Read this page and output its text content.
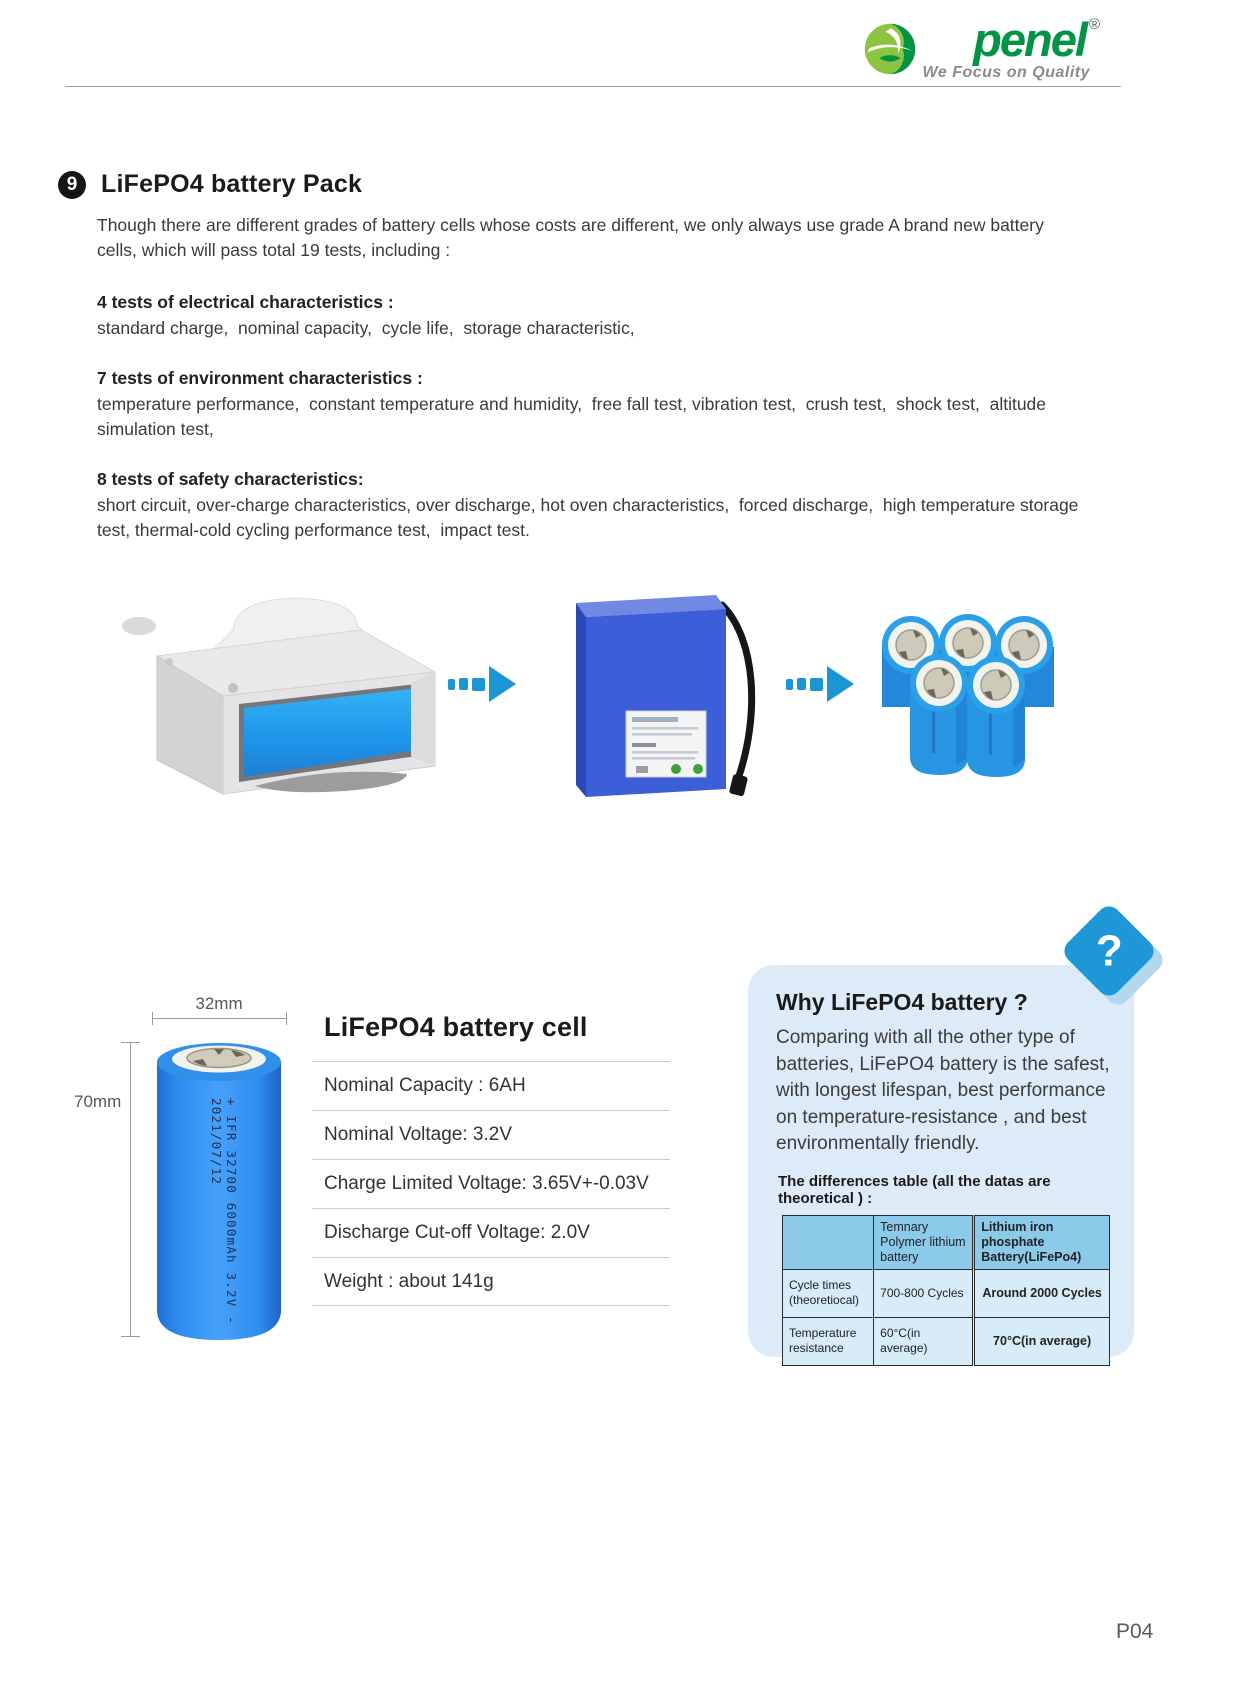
penel ®
We Focus on Quality
9 LiFePO4 battery Pack

Though there are different grades of battery cells whose costs are different, we only always use grade A brand new battery cells, which will pass total 19 tests, including :

4 tests of electrical characteristics :

standard charge,  nominal capacity,  cycle life,  storage characteristic,

7 tests of environment characteristics :

temperature performance,  constant temperature and humidity,  free fall test, vibration test,  crush test,  shock test,  altitude simulation test,

8 tests of safety characteristics:

short circuit, over-charge characteristics, over discharge, hot oven characteristics,  forced discharge,  high temperature storage test, thermal-cold cycling performance test,  impact test.

32mm
70mm	+ IFR 32700 6000mAh 3.2V -
2021/07/12
LiFePO4 battery cell
Nominal Capacity : 6AH
Nominal Voltage: 3.2V
Charge Limited Voltage: 3.65V+-0.03V
Discharge Cut-off Voltage: 2.0V
Weight : about 141g
Why LiFePO4 battery ?

Comparing with all the other type of batteries, LiFePO4 battery is the safest, with longest lifespan, best performance on temperature-resistance , and best environmentally friendly.

The differences table (all the datas are theoretical ) :
	Temnary Polymer lithium battery	Lithium iron phosphate Battery(LiFePo4)
Cycle times (theoretiocal)	700-800 Cycles	Around 2000 Cycles
Temperature resistance	60°C(in average)	70°C(in average)
?
P04
